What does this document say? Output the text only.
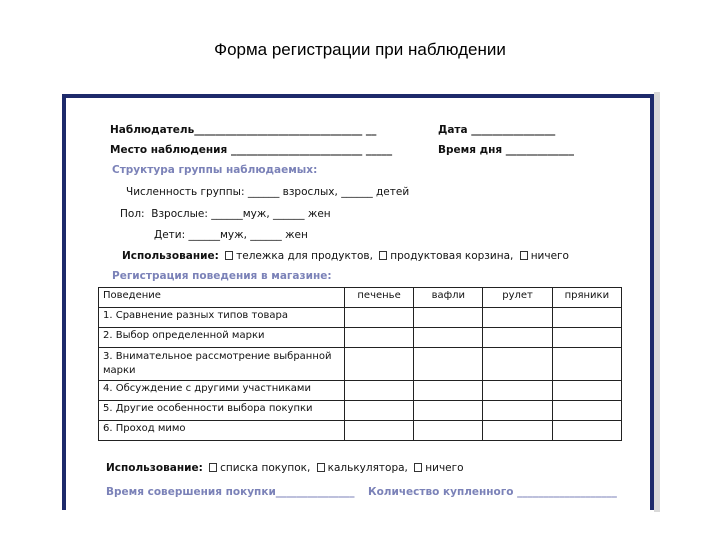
Форма регистрации при наблюдении
Наблюдатель________________________________ __	Дата ________________
Место наблюдения _________________________ _____	Время дня _____________
Структура группы наблюдаемых:
Численность группы: ______ взрослых, ______ детей
Пол: Взрослые: ______муж, ______ жен
Дети: ______муж, ______ жен
Использование: тележка для продуктов, продуктовая корзина, ничего
Регистрация поведения в магазине:
Поведение	печенье	вафли	рулет	пряники
1. Сравнение разных типов товара				
2. Выбор определенной марки				
3. Внимательное рассмотрение выбранной марки				
4. Обсуждение с другими участниками				
5. Другие особенности выбора покупки				
6. Проход мимо				
Использование: списка покупок, калькулятора, ничего
Время совершения покупки_______________ Количество купленного ___________________
